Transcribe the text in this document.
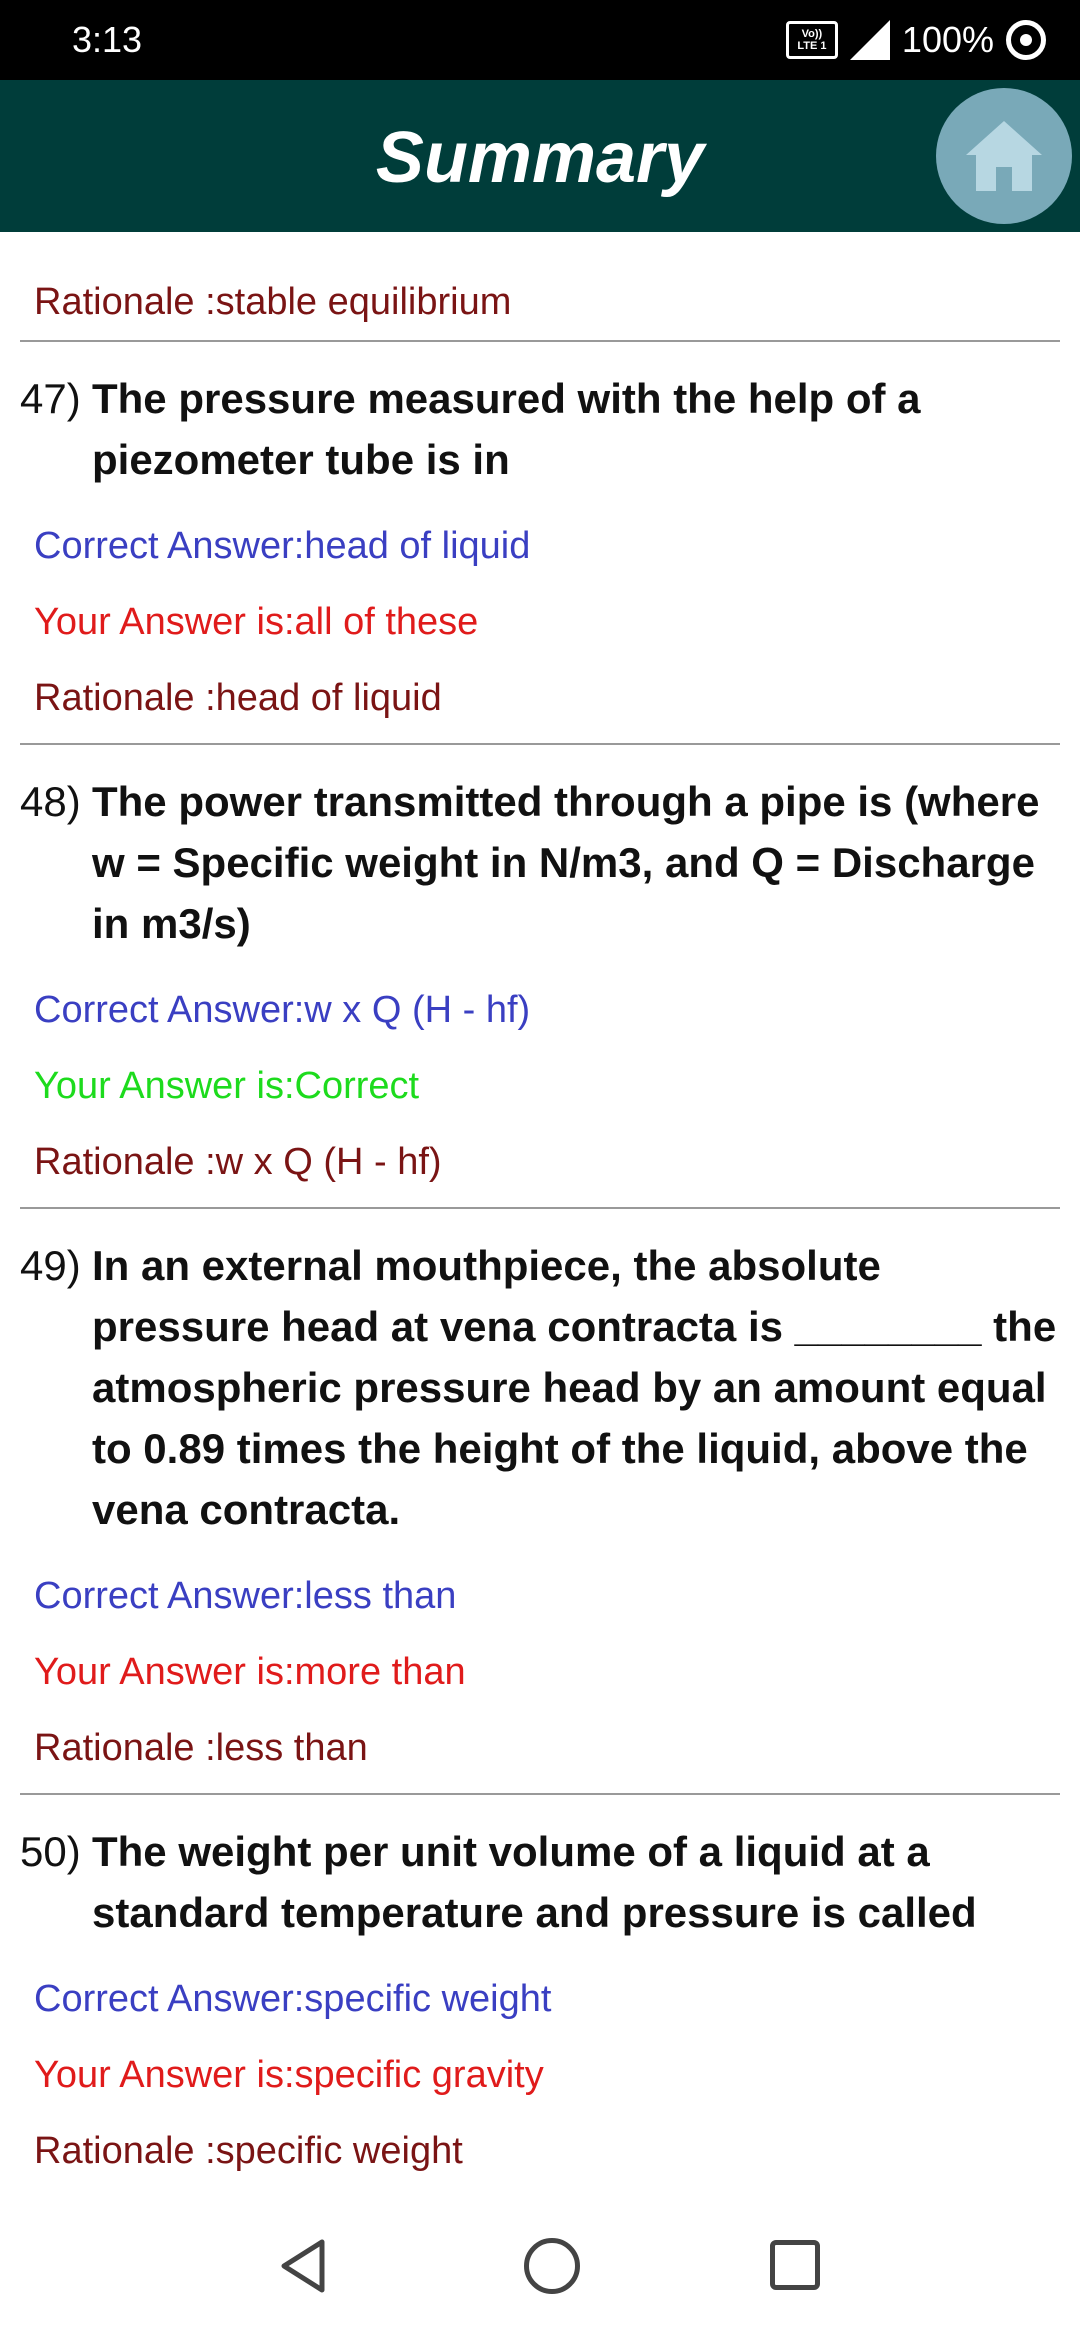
3:13	Vo))
LTE 1 100%
Summary
Rationale :stable equilibrium
47) The pressure measured with the help of a piezometer tube is in
Correct Answer:head of liquid
Your Answer is:all of these
Rationale :head of liquid
48) The power transmitted through a pipe is (where w = Specific weight in N/m3, and Q = Discharge in m3/s)
Correct Answer:w x Q (H - hf)
Your Answer is:Correct
Rationale :w x Q (H - hf)
49) In an external mouthpiece, the absolute pressure head at vena contracta is ________ the atmospheric pressure head by an amount equal to 0.89 times the height of the liquid, above the vena contracta.
Correct Answer:less than
Your Answer is:more than
Rationale :less than
50) The weight per unit volume of a liquid at a standard temperature and pressure is called
Correct Answer:specific weight
Your Answer is:specific gravity
Rationale :specific weight
